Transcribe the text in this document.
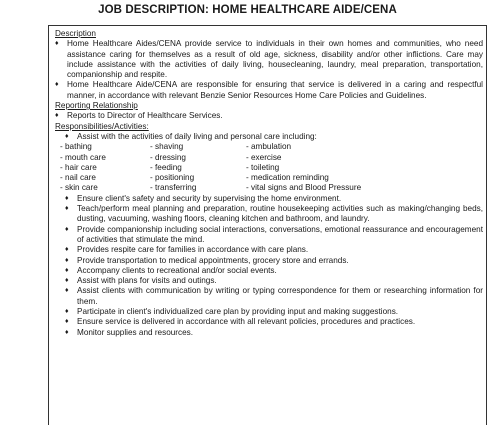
JOB DESCRIPTION: HOME HEALTHCARE AIDE/CENA
Description
♦	Home Healthcare Aides/CENA provide service to individuals in their own homes and communities, who need assistance caring for themselves as a result of old age, sickness, disability and/or other inflictions. Care may include assistance with the activities of daily living, housecleaning, laundry, meal preparation, transportation, companionship and respite.
♦	Home Healthcare Aide/CENA are responsible for ensuring that service is delivered in a caring and respectful manner, in accordance with relevant Benzie Senior Resources Home Care Policies and Guidelines.
Reporting Relationship
♦	Reports to Director of Healthcare Services.
Responsibilities/Activities:
♦	Assist with the activities of daily living and personal care including:
- bathing	- shaving	- ambulation
- mouth care	- dressing	- exercise
- hair care	- feeding	- toileting
- nail care	- positioning	- medication reminding
- skin care	- transferring	- vital signs and Blood Pressure
♦	Ensure client's safety and security by supervising the home environment.
♦	Teach/perform meal planning and preparation, routine housekeeping activities such as making/changing beds, dusting, vacuuming, washing floors, cleaning kitchen and bathroom, and laundry.
♦	Provide companionship including social interactions, conversations, emotional reassurance and encouragement of activities that stimulate the mind.
♦	Provides respite care for families in accordance with care plans.
♦	Provide transportation to medical appointments, grocery store and errands.
♦	Accompany clients to recreational and/or social events.
♦	Assist with plans for visits and outings.
♦	Assist clients with communication by writing or typing correspondence for them or researching information for them.
♦	Participate in client's individualized care plan by providing input and making suggestions.
♦	Ensure service is delivered in accordance with all relevant policies, procedures and practices.
♦	Monitor supplies and resources.
